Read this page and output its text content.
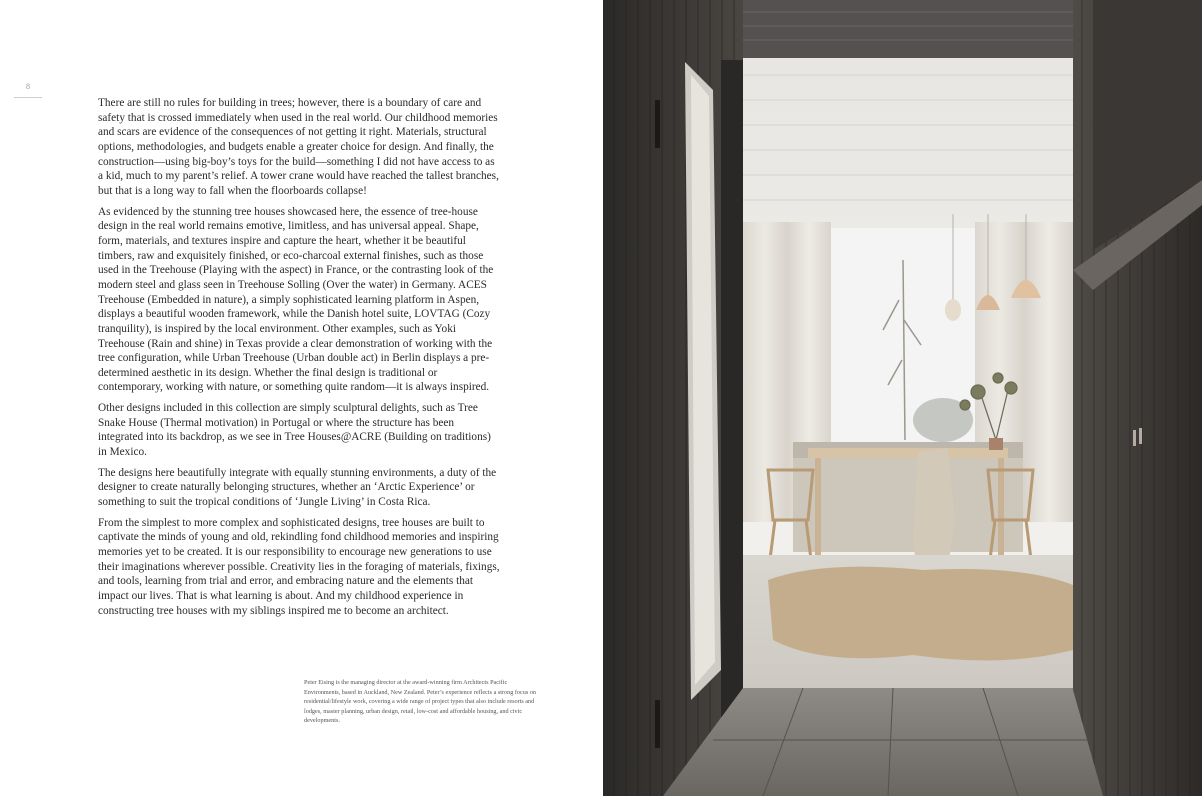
8

There are still no rules for building in trees; however, there is a boundary of care and safety that is crossed immediately when used in the real world. Our childhood memories and scars are evidence of the consequences of not getting it right. Materials, structural options, methodologies, and budgets enable a greater choice for design. And finally, the construction—using big-boy’s toys for the build—something I did not have access to as a kid, much to my parent’s relief. A tower crane would have reached the tallest branches, but that is a long way to fall when the floorboards collapse!

As evidenced by the stunning tree houses showcased here, the essence of tree-house design in the real world remains emotive, limitless, and has universal appeal. Shape, form, materials, and textures inspire and capture the heart, whether it be beautiful timbers, raw and exquisitely finished, or eco-charcoal external finishes, such as those used in the Treehouse (Playing with the aspect) in France, or the contrasting look of the modern steel and glass seen in Treehouse Solling (Over the water) in Germany. ACES Treehouse (Embedded in nature), a simply sophisticated learning platform in Aspen, displays a beautiful wooden framework, while the Danish hotel suite, LOVTAG (Cozy tranquility), is inspired by the local environment. Other examples, such as Yoki Treehouse (Rain and shine) in Texas provide a clear demonstration of working with the tree configuration, while Urban Treehouse (Urban double act) in Berlin displays a pre-determined aesthetic in its design. Whether the final design is traditional or contemporary, working with nature, or something quite random—it is always inspired.

Other designs included in this collection are simply sculptural delights, such as Tree Snake House (Thermal motivation) in Portugal or where the structure has been integrated into its backdrop, as we see in Tree Houses@ACRE (Building on traditions) in Mexico.

The designs here beautifully integrate with equally stunning environments, a duty of the designer to create naturally belonging structures, whether an ‘Arctic Experience’ or something to suit the tropical conditions of ‘Jungle Living’ in Costa Rica.

From the simplest to more complex and sophisticated designs, tree houses are built to captivate the minds of young and old, rekindling fond childhood memories and inspiring memories yet to be created. It is our responsibility to encourage new generations to use their imaginations wherever possible. Creativity lies in the foraging of materials, fixings, and tools, learning from trial and error, and embracing nature and the elements that impact our lives. That is what learning is about. And my childhood experience in constructing tree houses with my siblings inspired me to become an architect.

Peter Eising is the managing director at the award-winning firm Architects Pacific Environments, based in Auckland, New Zealand. Peter’s experience reflects a strong focus on residential/lifestyle work, covering a wide range of project types that also include resorts and lodges, master planning, urban design, retail, low-cost and affordable housing, and civic developments.
